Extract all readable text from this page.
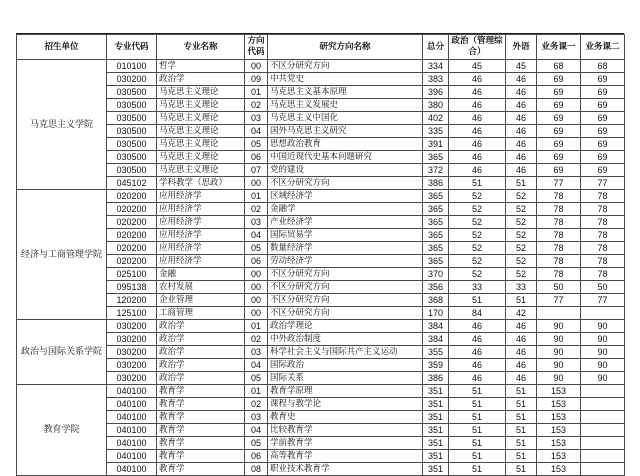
招生单位	专业代码	专业名称	方向代码	研究方向名称	总分	政治（管理综合）	外语	业务课一	业务课二
马克思主义学院	010100	哲学	00	不区分研究方向	334	45	45	68	68
	030200	政治学	09	中共党史	383	46	46	69	69
	030500	马克思主义理论	01	马克思主义基本原理	396	46	46	69	69
	030500	马克思主义理论	02	马克思主义发展史	380	46	46	69	69
	030500	马克思主义理论	03	马克思主义中国化	402	46	46	69	69
	030500	马克思主义理论	04	国外马克思主义研究	335	46	46	69	69
	030500	马克思主义理论	05	思想政治教育	391	46	46	69	69
	030500	马克思主义理论	06	中国近现代史基本问题研究	365	46	46	69	69
	030500	马克思主义理论	07	党的建设	372	46	46	69	69
	045102	学科教学（思政）	00	不区分研究方向	386	51	51	77	77
经济与工商管理学院	020200	应用经济学	01	区域经济学	365	52	52	78	78
	020200	应用经济学	02	金融学	365	52	52	78	78
	020200	应用经济学	03	产业经济学	365	52	52	78	78
	020200	应用经济学	04	国际贸易学	365	52	52	78	78
	020200	应用经济学	05	数量经济学	365	52	52	78	78
	020200	应用经济学	06	劳动经济学	365	52	52	78	78
	025100	金融	00	不区分研究方向	370	52	52	78	78
	095138	农村发展	00	不区分研究方向	356	33	33	50	50
	120200	企业管理	00	不区分研究方向	368	51	51	77	77
	125100	工商管理	00	不区分研究方向	170	84	42		
政治与国际关系学院	030200	政治学	01	政治学理论	384	46	46	90	90
	030200	政治学	02	中外政治制度	384	46	46	90	90
	030200	政治学	03	科学社会主义与国际共产主义运动	355	46	46	90	90
	030200	政治学	04	国际政治	359	46	46	90	90
	030200	政治学	05	国际关系	386	46	46	90	90
教育学院	040100	教育学	01	教育学原理	351	51	51	153	
	040100	教育学	02	课程与教学论	351	51	51	153	
	040100	教育学	03	教育史	351	51	51	153	
	040100	教育学	04	比较教育学	351	51	51	153	
	040100	教育学	05	学前教育学	351	51	51	153	
	040100	教育学	06	高等教育学	351	51	51	153	
	040100	教育学	08	职业技术教育学	351	51	51	153	
